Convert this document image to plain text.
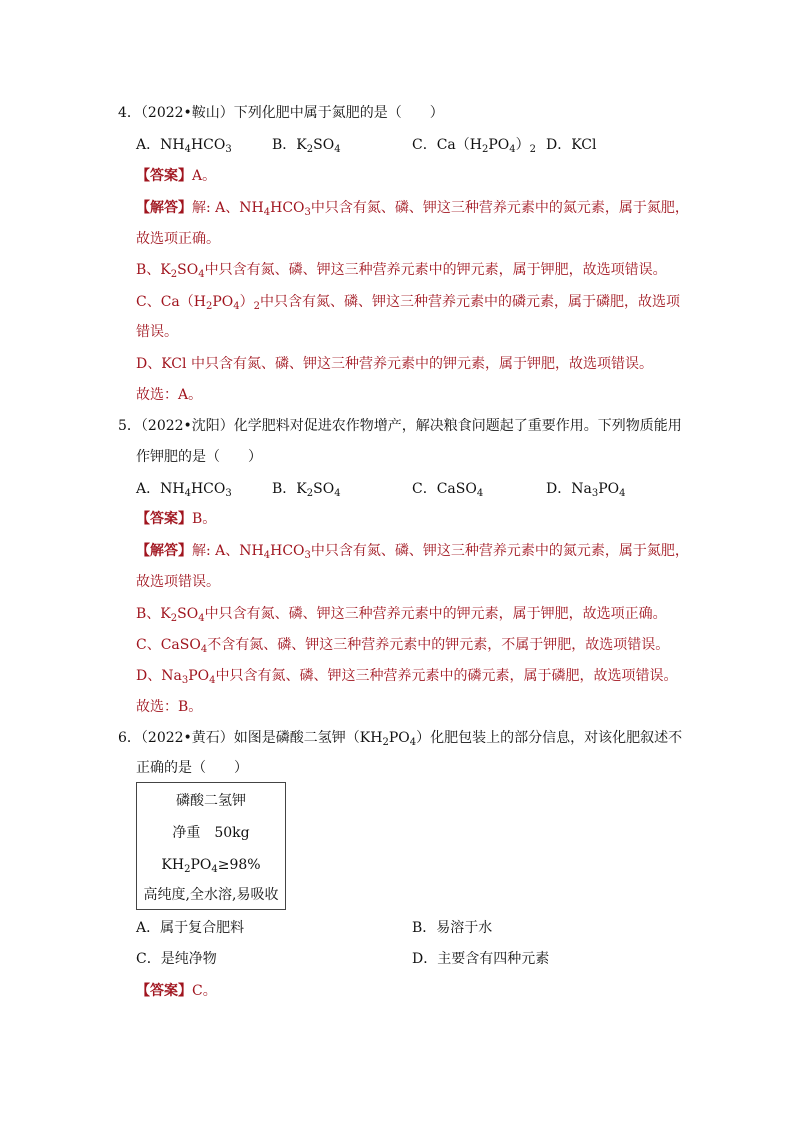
4．（2022•鞍山）下列化肥中属于氮肥的是（　　）
A．$NH_4HCO_3$	B．$K_2SO_4$	C．$Ca(H_2PO_4)_2$ D．KCl
【答案】A。
【解答】解: A、$NH_4HCO_3$中只含有氮、磷、钾这三种营养元素中的氮元素，属于氮肥，
故选项正确。
B、$K_2SO_4$中只含有氮、磷、钾这三种营养元素中的钾元素，属于钾肥，故选项错误。
C、$Ca(H_2PO_4)_2$中只含有氮、磷、钾这三种营养元素中的磷元素，属于磷肥，故选项
错误。
D、KCl 中只含有氮、磷、钾这三种营养元素中的钾元素，属于钾肥，故选项错误。
故选：A。
5．（2022•沈阳）化学肥料对促进农作物增产，解决粮食问题起了重要作用。下列物质能用
作钾肥的是（　　）
A．$NH_4HCO_3$	B．$K_2SO_4$	C．CaSO$_4$	D．$Na_3PO_4$
【答案】B。
【解答】解: A、$NH_4HCO_3$中只含有氮、磷、钾这三种营养元素中的氮元素，属于氮肥，
故选项错误。
B、$K_2SO_4$中只含有氮、磷、钾这三种营养元素中的钾元素，属于钾肥，故选项正确。
C、CaSO$_4$不含有氮、磷、钾这三种营养元素中的钾元素，不属于钾肥，故选项错误。
D、$Na_3PO_4$中只含有氮、磷、钾这三种营养元素中的磷元素，属于磷肥，故选项错误。
故选：B。
6．（2022•黄石）如图是磷酸二氢钾$(KH_2PO_4)$化肥包装上的部分信息，对该化肥叙述不
正确的是（　　）
磷酸二氢钾
净重　50kg
$KH_2PO_4\ge 98\%$
高纯度,全水溶,易吸收
A．属于复合肥料	B．易溶于水
C．是纯净物	D．主要含有四种元素
【答案】C。
